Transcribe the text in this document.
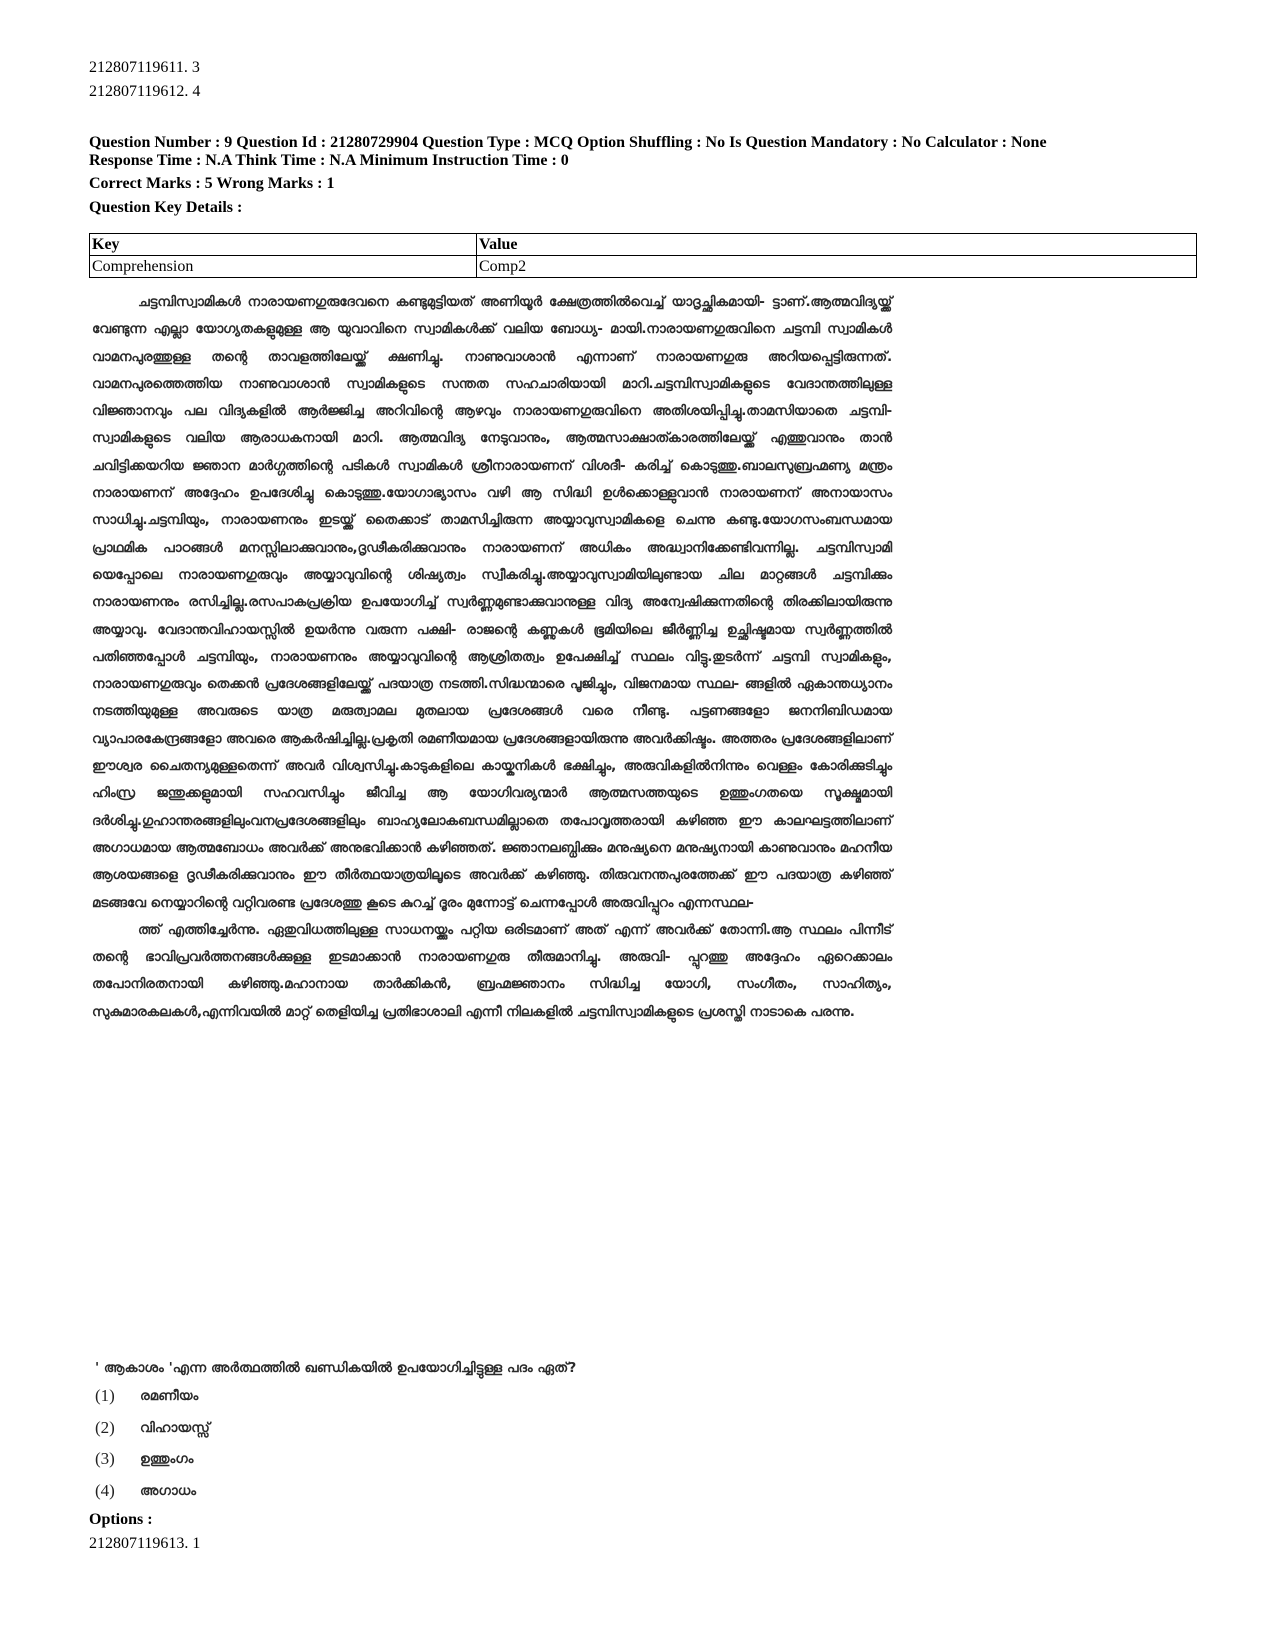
212807119611. 3
212807119612. 4
Question Number : 9 Question Id : 21280729904 Question Type : MCQ Option Shuffling : No Is Question Mandatory : No Calculator : None
Response Time : N.A Think Time : N.A Minimum Instruction Time : 0
Correct Marks : 5 Wrong Marks : 1
Question Key Details :
Key	Value
Comprehension	Comp2

ചട്ടമ്പിസ്വാമികൾ നാരായണഗുരുദേവനെ കണ്ടുമുട്ടിയത് അണിയൂർ ക്ഷേത്രത്തിൽവെച്ച് യാദൃച്ഛികമായി- ട്ടാണ്.ആത്മവിദ്യയ്ക്ക് വേണ്ടുന്ന എല്ലാ യോഗ്യതകളുമുള്ള ആ യുവാവിനെ സ്വാമികൾക്ക് വലിയ ബോധ്യ- മായി.നാരായണഗുരുവിനെ ചട്ടമ്പി സ്വാമികൾ വാമനപുരത്തുള്ള തന്റെ താവളത്തിലേയ്ക്ക് ക്ഷണിച്ചു. നാണുവാശാൻ എന്നാണ് നാരായണഗുരു അറിയപ്പെട്ടിരുന്നത്. വാമനപുരത്തെത്തിയ നാണുവാശാൻ സ്വാമികളുടെ സന്തത സഹചാരിയായി മാറി.ചട്ടമ്പിസ്വാമികളുടെ വേദാന്തത്തിലുള്ള വിജ്ഞാനവും പല വിദ്യകളിൽ ആർജ്ജിച്ച അറിവിന്റെ ആഴവും നാരായണഗുരുവിനെ അതിശയിപ്പിച്ചു.താമസിയാതെ ചട്ടമ്പി- സ്വാമികളുടെ വലിയ ആരാധകനായി മാറി. ആത്മവിദ്യ നേടുവാനും, ആത്മസാക്ഷാത്കാരത്തിലേയ്ക്ക് എത്തുവാനും താൻ ചവിട്ടിക്കയറിയ ജ്ഞാന മാർഗ്ഗത്തിന്റെ പടികൾ സ്വാമികൾ ശ്രീനാരായണന് വിശദീ- കരിച്ച് കൊടുത്തു.ബാലസുബ്രഹ്മണ്യ മന്ത്രം നാരായണന് അദ്ദേഹം ഉപദേശിച്ചു കൊടുത്തു.യോഗാഭ്യാസം വഴി ആ സിദ്ധി ഉൾക്കൊള്ളുവാൻ നാരായണന് അനായാസം സാധിച്ചു.ചട്ടമ്പിയും, നാരായണനും ഇടയ്ക്ക് തൈക്കാട് താമസിച്ചിരുന്ന അയ്യാവുസ്വാമികളെ ചെന്നു കണ്ടു.യോഗസംബന്ധമായ പ്രാഥമിക പാഠങ്ങൾ മനസ്സിലാക്കുവാനും,ദൃഢീകരിക്കുവാനും നാരായണന് അധികം അദ്ധ്വാനിക്കേണ്ടിവന്നില്ല. ചട്ടമ്പിസ്വാമി യെപ്പോലെ നാരായണഗുരുവും അയ്യാവുവിന്റെ ശിഷ്യത്വം സ്വീകരിച്ചു.അയ്യാവുസ്വാമിയിലുണ്ടായ ചില മാറ്റങ്ങൾ ചട്ടമ്പിക്കും നാരായണനും രസിച്ചില്ല.രസപാകപ്രക്രിയ ഉപയോഗിച്ച് സ്വർണ്ണമുണ്ടാക്കുവാനുള്ള വിദ്യ അന്വേഷിക്കുന്നതിന്റെ തിരക്കിലായിരുന്നു അയ്യാവു. വേദാന്തവിഹായസ്സിൽ ഉയർന്നു വരുന്ന പക്ഷി- രാജന്റെ കണ്ണുകൾ ഭൂമിയിലെ ജീർണ്ണിച്ച ഉച്ഛിഷ്ടമായ സ്വർണ്ണത്തിൽ പതിഞ്ഞപ്പോൾ ചട്ടമ്പിയും, നാരായണനും അയ്യാവുവിന്റെ ആശ്രിതത്വം ഉപേക്ഷിച്ച് സ്ഥലം വിട്ടു.തുടർന്ന് ചട്ടമ്പി സ്വാമികളും, നാരായണഗുരുവും തെക്കൻ പ്രദേശങ്ങളിലേയ്ക്ക് പദയാത്ര നടത്തി.സിദ്ധന്മാരെ പൂജിച്ചും, വിജനമായ സ്ഥല- ങ്ങളിൽ ഏകാന്തധ്യാനം നടത്തിയുമുള്ള അവരുടെ യാത്ര മരുത്വാമല മുതലായ പ്രദേശങ്ങൾ വരെ നീണ്ടു. പട്ടണങ്ങളോ ജനനിബിഡമായ വ്യാപാരകേന്ദ്രങ്ങളോ അവരെ ആകർഷിച്ചില്ല.പ്രകൃതി രമണീയമായ പ്രദേശങ്ങളായിരുന്നു അവർക്കിഷ്ടം. അത്തരം പ്രദേശങ്ങളിലാണ് ഈശ്വര ചൈതന്യമുള്ളതെന്ന് അവർ വിശ്വസിച്ചു.കാടുകളിലെ കായ്കനികൾ ഭക്ഷിച്ചും, അരുവികളിൽനിന്നും വെള്ളം കോരിക്കുടിച്ചും ഹിംസ്ര ജന്തുക്കളുമായി സഹവസിച്ചും ജീവിച്ച ആ യോഗിവര്യന്മാർ ആത്മസത്തയുടെ ഉത്തുംഗതയെ സൂക്ഷ്മമായി ദർശിച്ചു.ഗുഹാന്തരങ്ങളിലുംവനപ്രദേശങ്ങളിലും ബാഹ്യലോകബന്ധമില്ലാതെ തപോവൃത്തരായി കഴിഞ്ഞ ഈ കാലഘട്ടത്തിലാണ് അഗാധമായ ആത്മബോധം അവർക്ക് അനുഭവിക്കാൻ കഴിഞ്ഞത്. ജ്ഞാനലബ്ധിക്കും മനുഷ്യനെ മനുഷ്യനായി കാണുവാനും മഹനീയ ആശയങ്ങളെ ദൃഢീകരിക്കുവാനും ഈ തീർത്ഥയാത്രയിലൂടെ അവർക്ക് കഴിഞ്ഞു. തിരുവനന്തപുരത്തേക്ക് ഈ പദയാത്ര കഴിഞ്ഞ് മടങ്ങവേ നെയ്യാറിന്റെ വറ്റിവരണ്ട പ്രദേശത്തു കൂടെ കുറച്ച് ദൂരം മുന്നോട്ട് ചെന്നപ്പോൾ അരുവിപ്പുറം എന്നസ്ഥല-

ത്ത് എത്തിച്ചേർന്നു. ഏതുവിധത്തിലുള്ള സാധനയ്ക്കും പറ്റിയ ഒരിടമാണ് അത് എന്ന് അവർക്ക് തോന്നി.ആ സ്ഥലം പിന്നീട് തന്റെ ഭാവിപ്രവർത്തനങ്ങൾക്കുള്ള ഇടമാക്കാൻ നാരായണഗുരു തീരുമാനിച്ചു. അരുവി- പ്പുറത്തു അദ്ദേഹം ഏറെക്കാലം തപോനിരതനായി കഴിഞ്ഞു.മഹാനായ താർക്കികൻ, ബ്രഹ്മജ്ഞാനം സിദ്ധിച്ച യോഗി, സംഗീതം, സാഹിത്യം, സുകുമാരകലകൾ,എന്നിവയിൽ മാറ്റ് തെളിയിച്ച പ്രതിഭാശാലി എന്നീ നിലകളിൽ ചട്ടമ്പിസ്വാമികളുടെ പ്രശസ്തി നാടാകെ പരന്നു.

' ആകാശം 'എന്ന അർത്ഥത്തിൽ ഖണ്ഡികയിൽ ഉപയോഗിച്ചിട്ടുള്ള പദം ഏത്?
(1)	രമണീയം
(2)	വിഹായസ്സ്
(3)	ഉത്തുംഗം
(4)	അഗാധം
Options :
212807119613. 1
